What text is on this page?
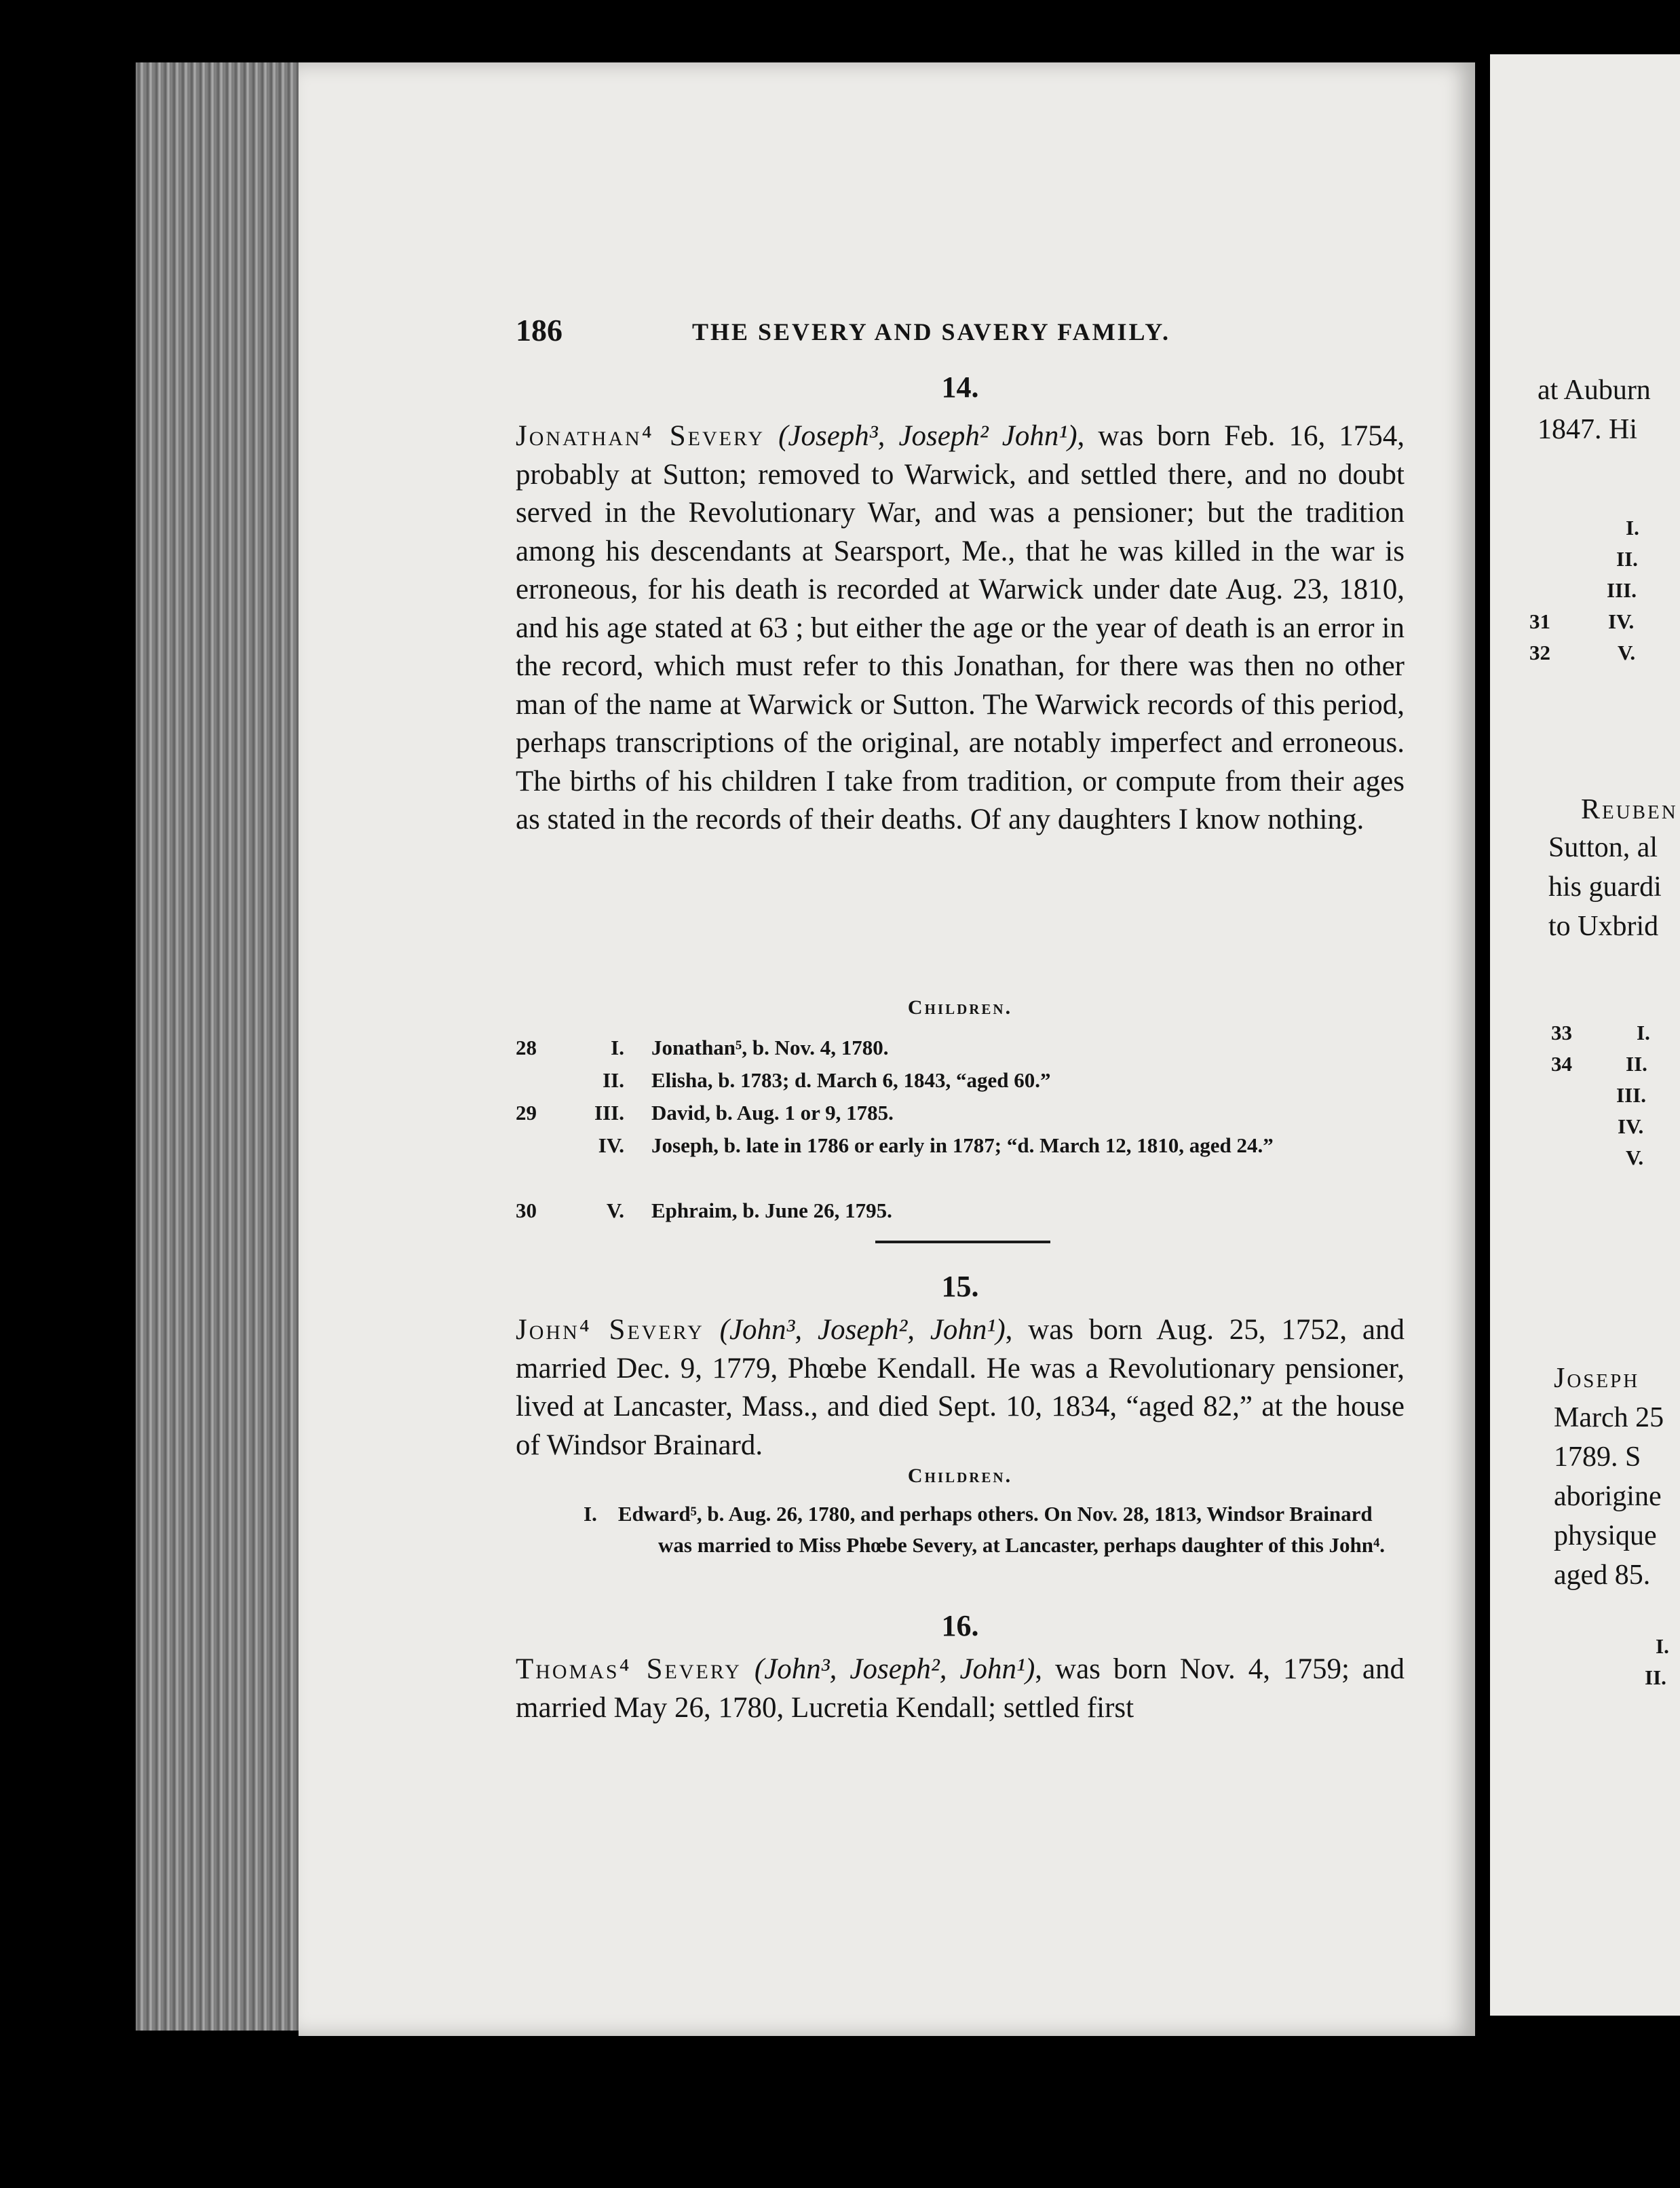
186	THE SEVERY AND SAVERY FAMILY.

14.

Jonathan⁴ Severy (Joseph³, Joseph² John¹), was born Feb. 16, 1754, probably at Sutton; removed to Warwick, and settled there, and no doubt served in the Revolutionary War, and was a pensioner; but the tradition among his descendants at Searsport, Me., that he was killed in the war is erroneous, for his death is recorded at Warwick under date Aug. 23, 1810, and his age stated at 63 ; but either the age or the year of death is an error in the record, which must refer to this Jonathan, for there was then no other man of the name at Warwick or Sutton. The Warwick records of this period, perhaps transcriptions of the original, are notably imperfect and erroneous. The births of his children I take from tradition, or compute from their ages as stated in the records of their deaths. Of any daughters I know nothing.

Children.
28	I. Jonathan⁵, b. Nov. 4, 1780.
II. Elisha, b. 1783; d. March 6, 1843, “aged 60.”
29	III. David, b. Aug. 1 or 9, 1785.
IV. Joseph, b. late in 1786 or early in 1787; “d. March 12, 1810, aged 24.”
30	V. Ephraim, b. June 26, 1795.

15.

John⁴ Severy (John³, Joseph², John¹), was born Aug. 25, 1752, and married Dec. 9, 1779, Phœbe Kendall. He was a Revolutionary pensioner, lived at Lancaster, Mass., and died Sept. 10, 1834, “aged 82,” at the house of Windsor Brainard.

Children.
I. Edward⁵, b. Aug. 26, 1780, and perhaps others. On Nov. 28, 1813, Windsor Brainard was married to Miss Phœbe Severy, at Lancaster, perhaps daughter of this John⁴.

16.

Thomas⁴ Severy (John³, Joseph², John¹), was born Nov. 4, 1759; and married May 26, 1780, Lucretia Kendall; settled first

at Auburn
1847. Hi
I.
II.
III.
31	IV.
32	V.
Reuben
Sutton, al
his guardi
to Uxbrid
33	I.
34	II.
III.
IV.
V.
Joseph
March 25
1789. S
aborigine
physique
aged 85.
I.
II.
